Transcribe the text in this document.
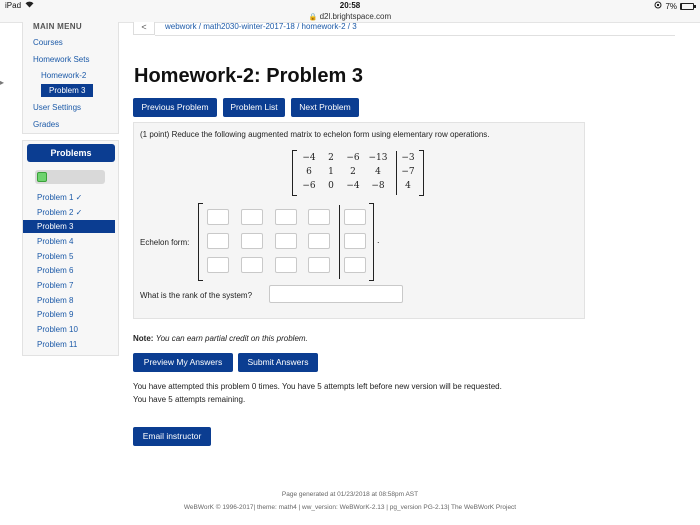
iPad	20:58	7%
🔒 d2l.brightspace.com
▸
MAIN MENU
Courses
Homework Sets
Homework-2
Problem 3
User Settings
Grades
Problems
Problem 1 ✓
Problem 2 ✓
Problem 3
Problem 4
Problem 5
Problem 6
Problem 7
Problem 8
Problem 9
Problem 10
Problem 11
<	webwork / math2030-winter-2017-18 / homework-2 / 3
Homework-2: Problem 3
Previous Problem	Problem List	Next Problem
(1 point) Reduce the following augmented matrix to echelon form using elementary row operations.
−4	2	−6 −13	−3
6	1	2	4	−7
−6	0	−4	−8	4
Echelon form:	.
What is the rank of the system?
Note: You can earn partial credit on this problem.
Preview My Answers	Submit Answers
You have attempted this problem 0 times. You have 5 attempts left before new version will be requested.
You have 5 attempts remaining.
Email instructor
Page generated at 01/23/2018 at 08:58pm AST
WeBWorK © 1996-2017| theme: math4 | ww_version: WeBWorK-2.13 | pg_version PG-2.13| The WeBWorK Project
